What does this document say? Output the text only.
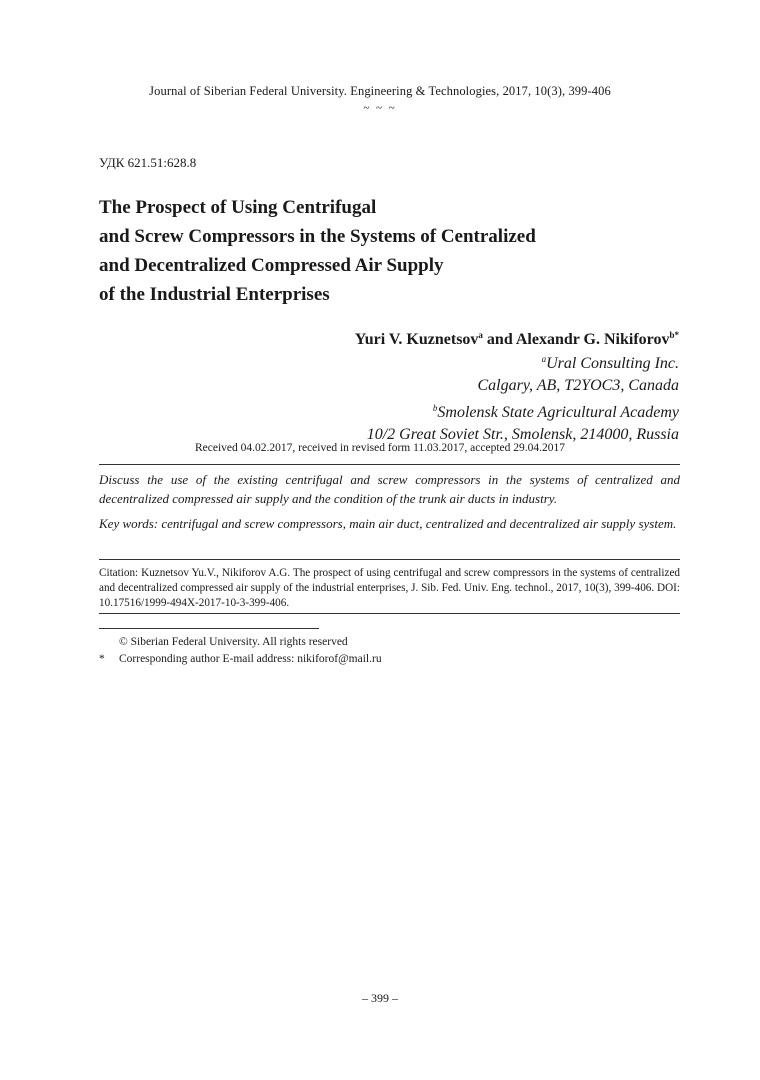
Journal of Siberian Federal University. Engineering & Technologies, 2017, 10(3), 399-406
~ ~ ~
УДК 621.51:628.8
The Prospect of Using Centrifugal
and Screw Compressors in the Systems of Centralized
and Decentralized Compressed Air Supply
of the Industrial Enterprises
Yuri V. Kuznetsov$^a$ and Alexandr G. Nikiforov$^{b*}$
$^a$Ural Consulting Inc.
Calgary, AB, T2YOC3, Canada
$^b$Smolensk State Agricultural Academy
10/2 Great Soviet Str., Smolensk, 214000, Russia
Received 04.02.2017, received in revised form 11.03.2017, accepted 29.04.2017
Discuss the use of the existing centrifugal and screw compressors in the systems of centralized and decentralized compressed air supply and the condition of the trunk air ducts in industry.
Key words: centrifugal and screw compressors, main air duct, centralized and decentralized air supply system.
Citation: Kuznetsov Yu.V., Nikiforov A.G. The prospect of using centrifugal and screw compressors in the systems of centralized and decentralized compressed air supply of the industrial enterprises, J. Sib. Fed. Univ. Eng. technol., 2017, 10(3), 399-406. DOI: 10.17516/1999-494X-2017-10-3-399-406.
© Siberian Federal University. All rights reserved
* Corresponding author E-mail address: nikiforof@mail.ru
– 399 –
